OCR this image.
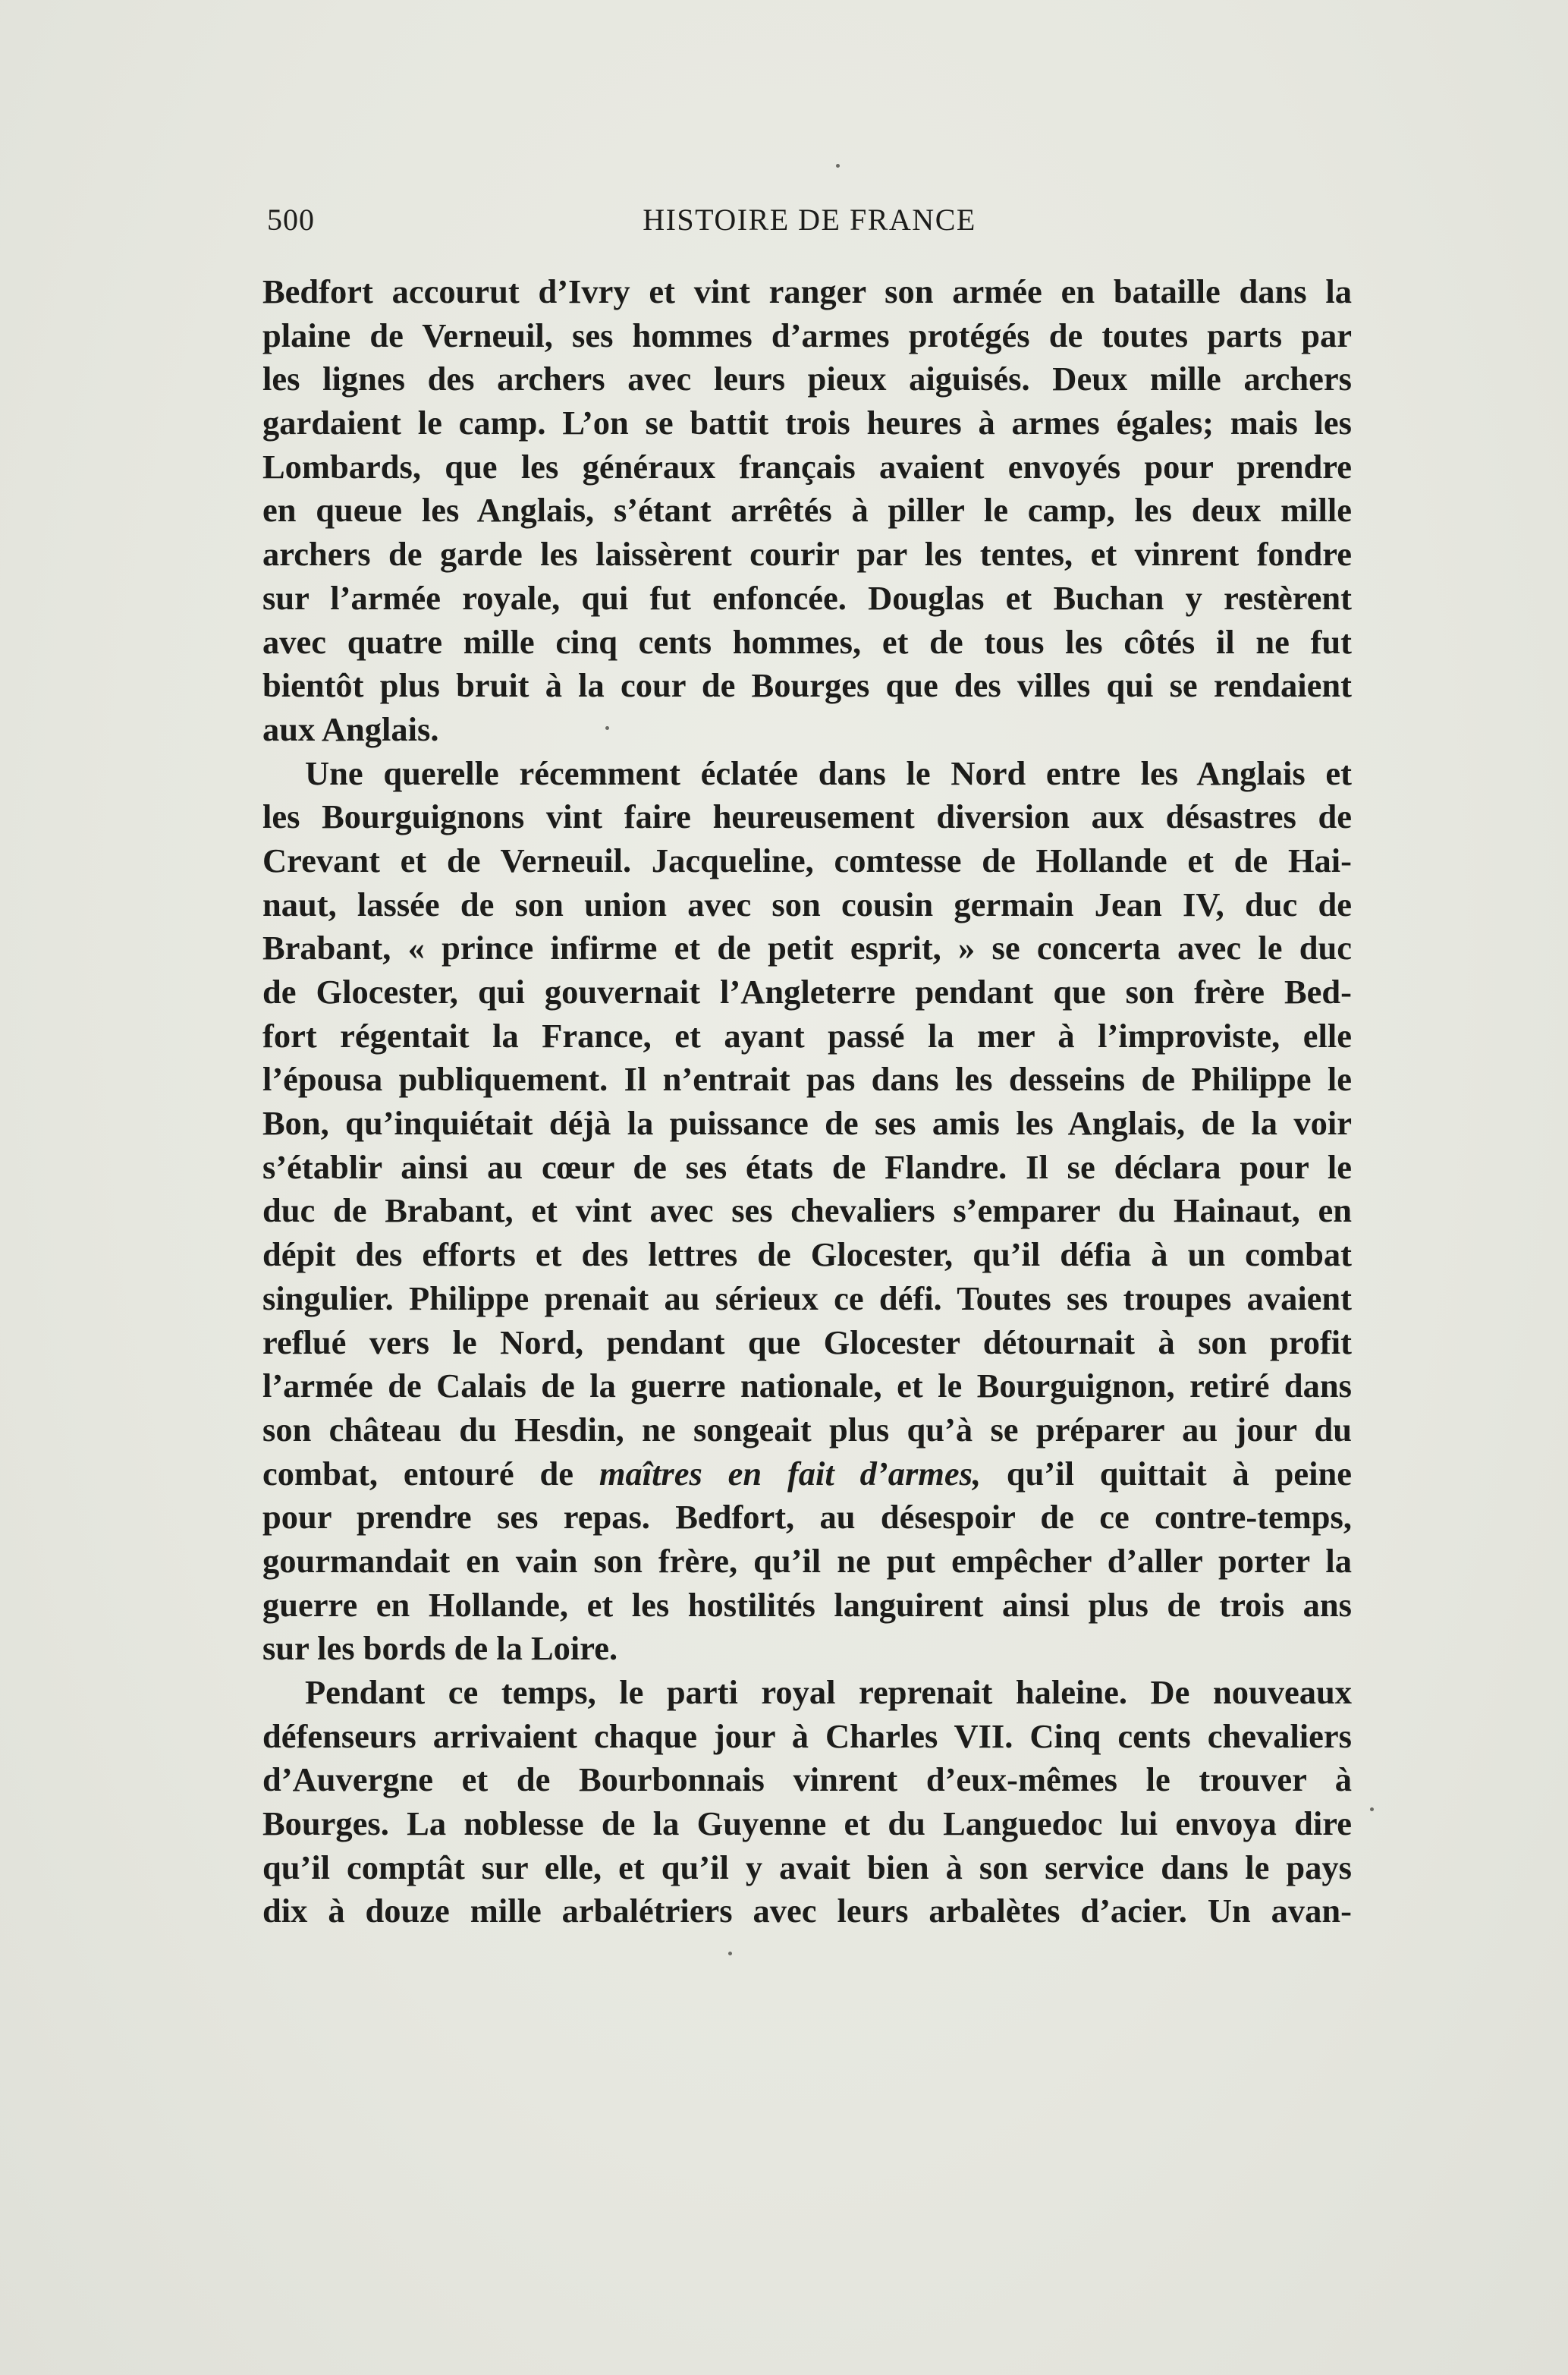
500	HISTOIRE DE FRANCE
Bedfort accourut d’Ivry et vint ranger son armée en bataille dans la
plaine de Verneuil, ses hommes d’armes protégés de toutes parts par
les lignes des archers avec leurs pieux aiguisés. Deux mille archers
gardaient le camp. L’on se battit trois heures à armes égales; mais les
Lombards, que les généraux français avaient envoyés pour prendre
en queue les Anglais, s’étant arrêtés à piller le camp, les deux mille
archers de garde les laissèrent courir par les tentes, et vinrent fondre
sur l’armée royale, qui fut enfoncée. Douglas et Buchan y restèrent
avec quatre mille cinq cents hommes, et de tous les côtés il ne fut
bientôt plus bruit à la cour de Bourges que des villes qui se rendaient
aux Anglais.
Une querelle récemment éclatée dans le Nord entre les Anglais et
les Bourguignons vint faire heureusement diversion aux désastres de
Crevant et de Verneuil. Jacqueline, comtesse de Hollande et de Hai-
naut, lassée de son union avec son cousin germain Jean IV, duc de
Brabant, « prince infirme et de petit esprit, » se concerta avec le duc
de Glocester, qui gouvernait l’Angleterre pendant que son frère Bed-
fort régentait la France, et ayant passé la mer à l’improviste, elle
l’épousa publiquement. Il n’entrait pas dans les desseins de Philippe le
Bon, qu’inquiétait déjà la puissance de ses amis les Anglais, de la voir
s’établir ainsi au cœur de ses états de Flandre. Il se déclara pour le
duc de Brabant, et vint avec ses chevaliers s’emparer du Hainaut, en
dépit des efforts et des lettres de Glocester, qu’il défia à un combat
singulier. Philippe prenait au sérieux ce défi. Toutes ses troupes avaient
reflué vers le Nord, pendant que Glocester détournait à son profit
l’armée de Calais de la guerre nationale, et le Bourguignon, retiré dans
son château du Hesdin, ne songeait plus qu’à se préparer au jour du
combat, entouré de maîtres en fait d’armes, qu’il quittait à peine
pour prendre ses repas. Bedfort, au désespoir de ce contre-temps,
gourmandait en vain son frère, qu’il ne put empêcher d’aller porter la
guerre en Hollande, et les hostilités languirent ainsi plus de trois ans
sur les bords de la Loire.
Pendant ce temps, le parti royal reprenait haleine. De nouveaux
défenseurs arrivaient chaque jour à Charles VII. Cinq cents chevaliers
d’Auvergne et de Bourbonnais vinrent d’eux-mêmes le trouver à
Bourges. La noblesse de la Guyenne et du Languedoc lui envoya dire
qu’il comptât sur elle, et qu’il y avait bien à son service dans le pays
dix à douze mille arbalétriers avec leurs arbalètes d’acier. Un avan-
